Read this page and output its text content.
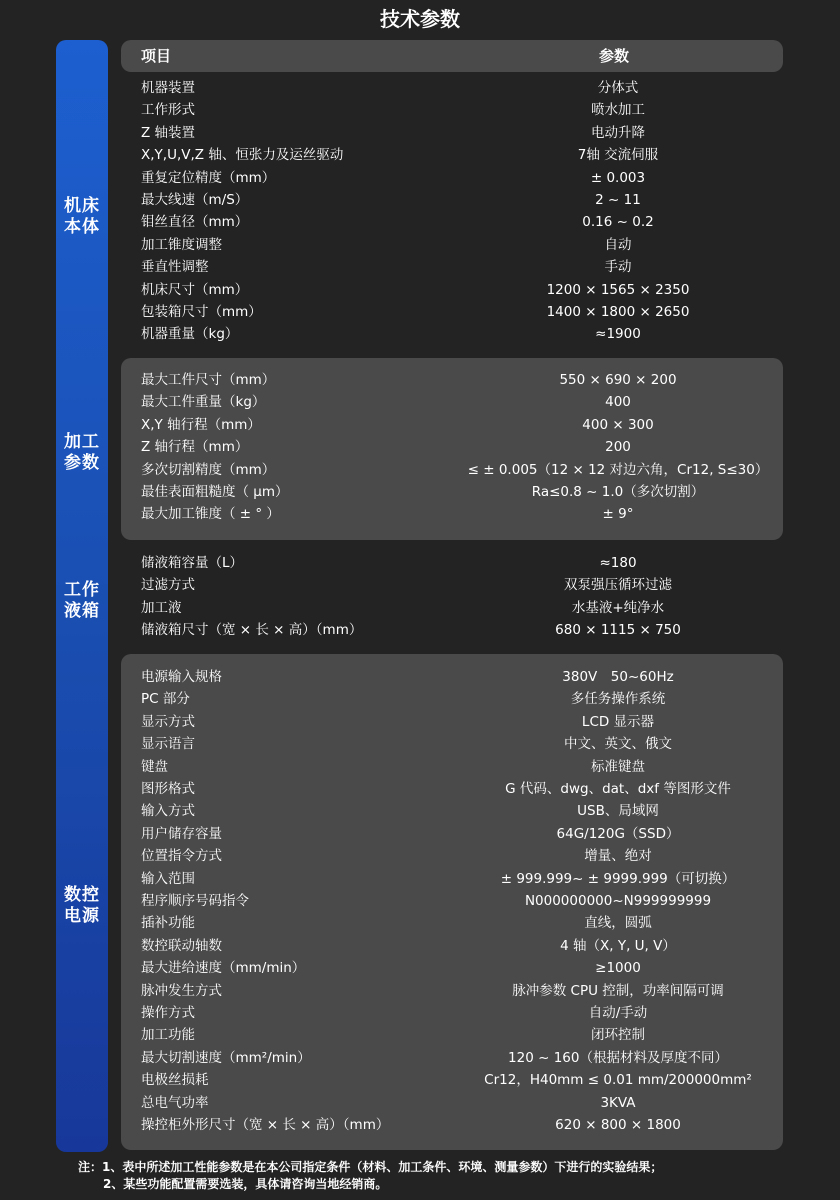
技术参数
项目	参数
机器装置	分体式
工作形式	喷水加工
Z 轴装置	电动升降
X,Y,U,V,Z 轴、恒张力及运丝驱动	7轴 交流伺服
重复定位精度（mm）	± 0.003
最大线速（m/S）	2 ~ 11
钼丝直径（mm）	0.16 ~ 0.2
加工锥度调整	自动
垂直性调整	手动
机床尺寸（mm）	1200 × 1565 × 2350
包装箱尺寸（mm）	1400 × 1800 × 2650
机器重量（kg）	≈1900
最大工件尺寸（mm）	550 × 690 × 200
最大工件重量（kg）	400
X,Y 轴行程（mm）	400 × 300
Z 轴行程（mm）	200
多次切割精度（mm）	≤ ± 0.005（12 × 12 对边六角，Cr12, S≤30）
最佳表面粗糙度（ µm）	Ra≤0.8 ~ 1.0（多次切割）
最大加工锥度（ ± ° ）	± 9°
储液箱容量（L）	≈180
过滤方式	双泵强压循环过滤
加工液	水基液+纯净水
储液箱尺寸（宽 × 长 × 高）（mm）	680 × 1115 × 750
电源输入规格	380V　50~60Hz
PC 部分	多任务操作系统
显示方式	LCD 显示器
显示语言	中文、英文、俄文
键盘	标准键盘
图形格式	G 代码、dwg、dat、dxf 等图形文件
输入方式	USB、局域网
用户储存容量	64G/120G（SSD）
位置指令方式	增量、绝对
输入范围	± 999.999~ ± 9999.999（可切换）
程序顺序号码指令	N000000000~N999999999
插补功能	直线，圆弧
数控联动轴数	4 轴（X, Y, U, V）
最大进给速度（mm/min）	≥1000
脉冲发生方式	脉冲参数 CPU 控制，功率间隔可调
操作方式	自动/手动
加工功能	闭环控制
最大切割速度（mm²/min）	120 ~ 160（根据材料及厚度不同）
电极丝损耗	Cr12，H40mm ≤ 0.01 mm/200000mm²
总电气功率	3KVA
操控柜外形尺寸（宽 × 长 × 高）（mm）	620 × 800 × 1800
机床
本体
加工
参数
工作
液箱
数控
电源
注：1、表中所述加工性能参数是在本公司指定条件（材料、加工条件、环境、测量参数）下进行的实验结果；
2、某些功能配置需要选装，具体请咨询当地经销商。
